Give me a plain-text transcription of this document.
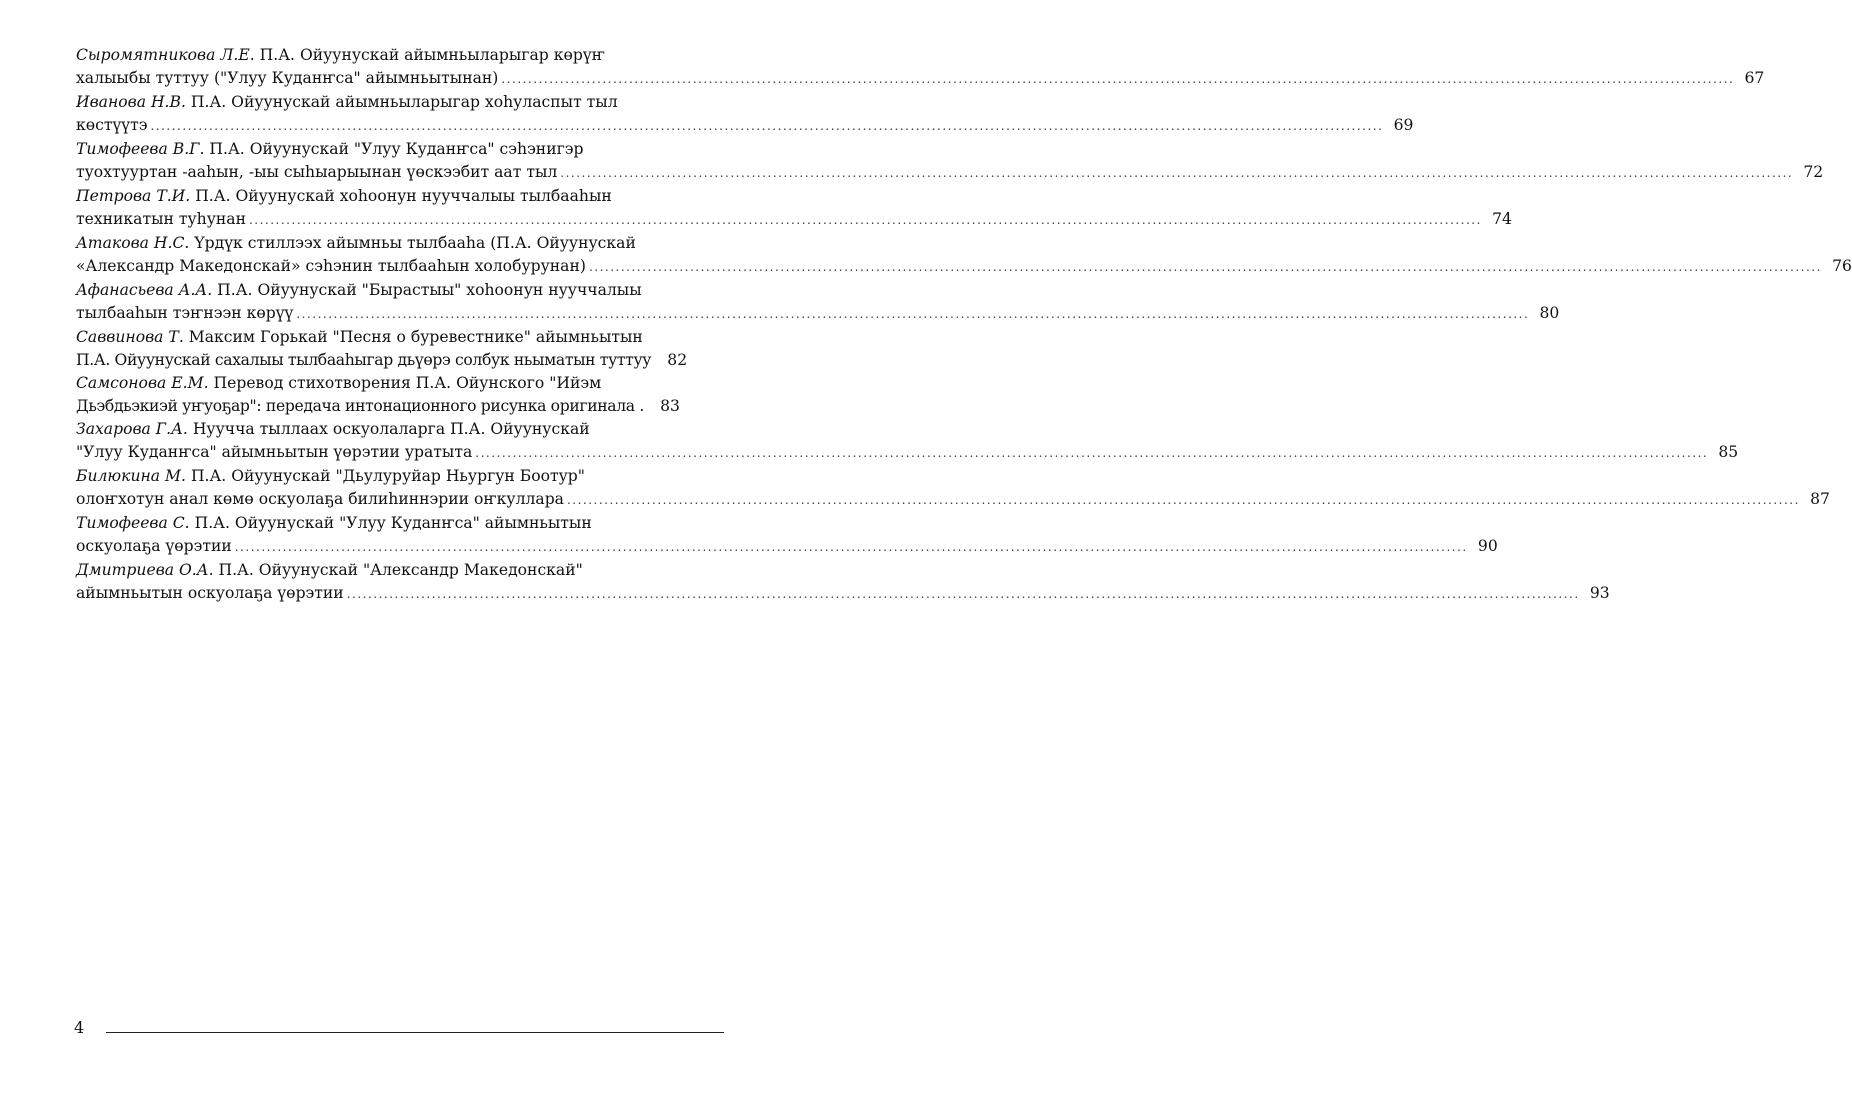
Сыромятникова Л.Е.
П.А. Ойуунускай айымньыларыгар көрүҥ
халыыбы туттуу ("Улуу Куданҥса" айымньытынан) .....	67
Иванова Н.В.
П.А. Ойуунускай айымньыларыгар хоһуласпыт тыл
көстүүтэ .....	69
Тимофеева В.Г.
П.А. Ойуунускай "Улуу Куданҥса" сэһэнигэр
туохтууртан -ааһын, -ыы сыһыарыынан үөскээбит аат тыл .....	72
Петрова Т.И.
П.А. Ойуунускай хоһоонун нууччалыы тылбааһын
техникатын туһунан .....	74
Атакова Н.С.
Үрдүк стиллээх айымньы тылбааһа (П.А. Ойуунускай
«Александр Македонскай» сэһэнин тылбааһын холобурунан) .....	76
Афанасьева А.А.
П.А. Ойуунускай "Бырастыы" хоһоонун нууччалыы
тылбааһын тэҥнээн көрүү .....	80
Саввинова Т.
Максим Горькай "Песня о буревестнике" айымньытын
П.А. Ойуунускай сахалыы тылбааһыгар дьүөрэ солбук ньыматын туттуу	82
Самсонова Е.М.
Перевод стихотворения П.А. Ойунского "Ийэм
Дьэбдьэкиэй уҥуоҕар": передача интонационного рисунка оригинала .	83
Захарова Г.А.
Нуучча тыллаах оскуолаларга П.А. Ойуунускай
"Улуу Куданҥса" айымньытын үөрэтии уратыта .....	85
Билюкина М.
П.А. Ойуунускай "Дьулуруйар Ньургун Боотур"
олоҥхотун анал көмө оскуолаҕа билиһиннэрии оҥкуллара .....	87
Тимофеева С.
П.А. Ойуунускай "Улуу Куданҥса" айымньытын
оскуолаҕа үөрэтии .....	90
Дмитриева О.А.
П.А. Ойуунускай "Александр Македонскай"
айымньытын оскуолаҕа үөрэтии .....	93
4
